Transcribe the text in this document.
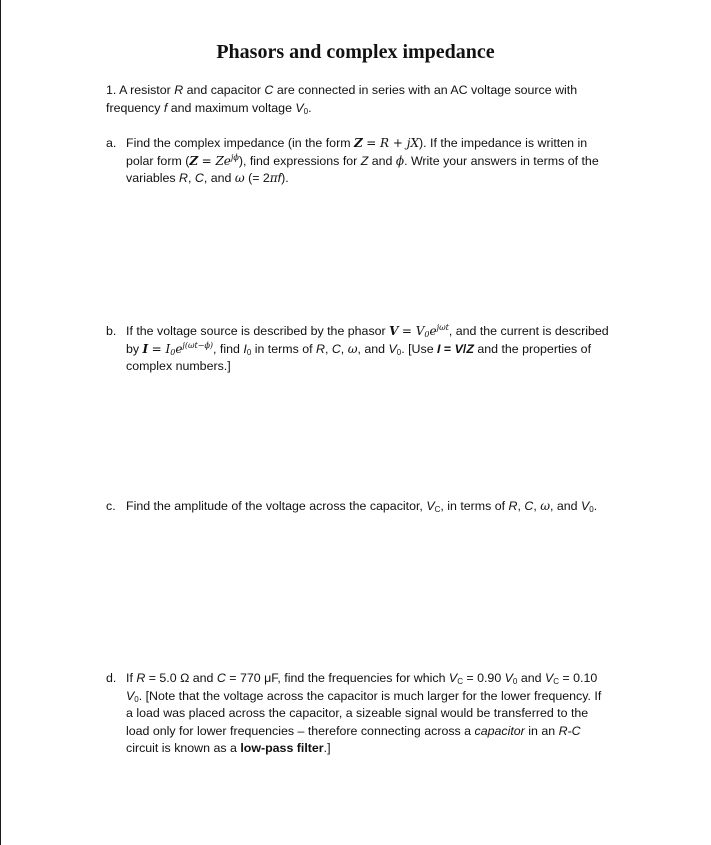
Phasors and complex impedance
1. A resistor R and capacitor C are connected in series with an AC voltage source with frequency f and maximum voltage $V_0$.
a. Find the complex impedance (in the form Z = R + jX). If the impedance is written in polar form $(Z = Ze^{j\phi})$, find expressions for Z and ϕ. Write your answers in terms of the variables R, C, and ω (= 2πf).
b. If the voltage source is described by the phasor $V = V_0e^{j\omega t}$, and the current is described by $I = I_0e^{j(\omega t-\phi)}$, find $I_0$ in terms of R, C, ω, and $V_0$. [Use I = V/Z and the properties of complex numbers.]
c. Find the amplitude of the voltage across the capacitor, $V_C$, in terms of R, C, ω, and $V_0$.
d. If R = 5.0 Ω and C = 770 μF, find the frequencies for which $V_C = 0.90$ $V_0$ and $V_C = 0.10$ $V_0$. [Note that the voltage across the capacitor is much larger for the lower frequency. If a load was placed across the capacitor, a sizeable signal would be transferred to the load only for lower frequencies – therefore connecting across a capacitor in an R-C circuit is known as a low-pass filter.]
